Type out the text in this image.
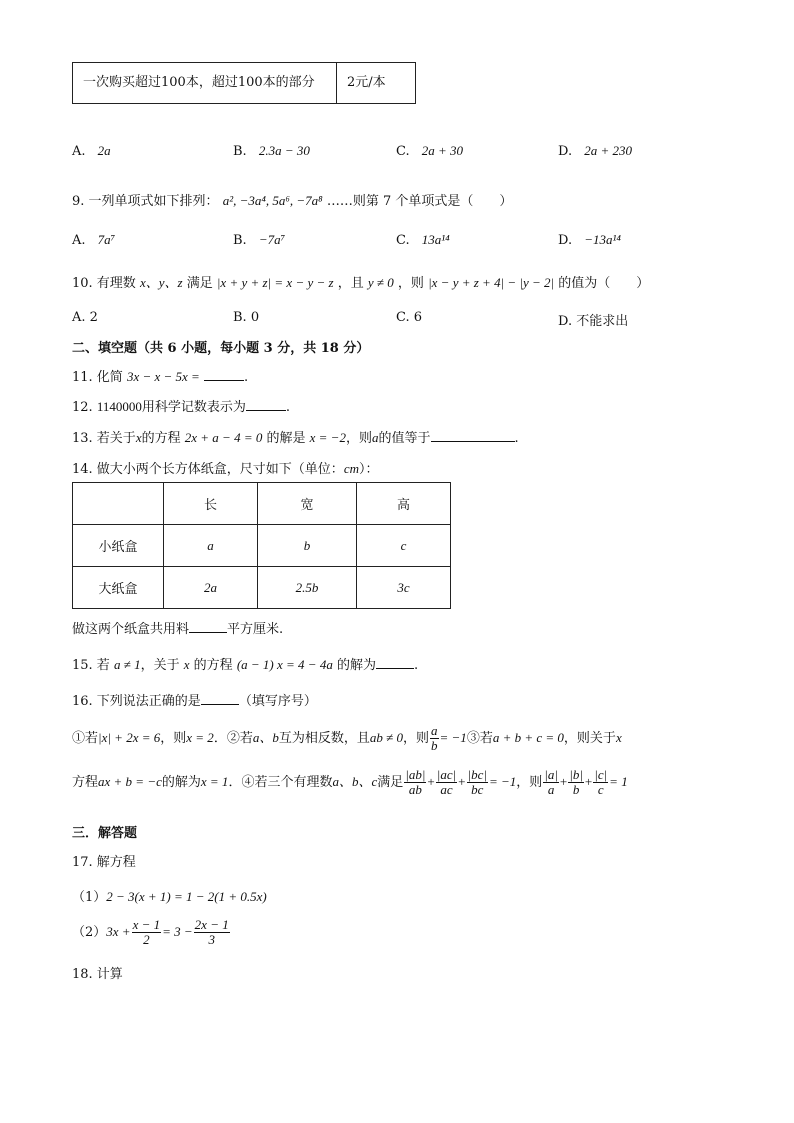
一次购买超过100本，超过100本的部分	2元/本
A. 2a	B. 2.3a − 30	C. 2a + 30	D. 2a + 230
9. 一列单项式如下排列： a², −3a⁴, 5a⁶, −7a⁸ ……则第 7 个单项式是（　　）
A. 7a⁷	B. −7a⁷	C. 13a¹⁴	D. −13a¹⁴
10. 有理数 x、y、z 满足 |x + y + z| = x − y − z ，且 y ≠ 0 ，则 |x − y + z + 4| − |y − 2| 的值为（　　）
A. 2	B. 0	C. 6	D. 不能求出
二、填空题（共 6 小题，每小题 3 分，共 18 分）
11. 化简 3x − x − 5x =	.
12. 1140000用科学记数表示为	.
13. 若关于x的方程 2x + a − 4 = 0 的解是 x = −2，则a的值等于	.
14. 做大小两个长方体纸盒，尺寸如下（单位：cm）：
	长	宽	高
小纸盒	a	b	c
大纸盒	2a	2.5b	3c
做这两个纸盒共用料	平方厘米.
15. 若 a ≠ 1，关于 x 的方程 (a − 1) x = 4 − 4a 的解为	.
16. 下列说法正确的是	（填写序号）
①若|x| + 2x = 6，则x = 2．②若a、b互为相反数，且ab ≠ 0，则 $\frac{a}{b}$ = −1③若a + b + c = 0，则关于x
方程ax + b = −c的解为x = 1．④若三个有理数a、b、c满足 $\frac{|ab|}{ab} + \frac{|ac|}{ac} + \frac{|bc|}{bc} = -1$，则 $\frac{|a|}{a} + \frac{|b|}{b} + \frac{|c|}{c} = 1$
三．解答题
17. 解方程
（1）2 − 3(x + 1) = 1 − 2(1 + 0.5x)
$(2)3x + \frac{x - 1}{2} = 3 - \frac{2x - 1}{3}$
18. 计算
